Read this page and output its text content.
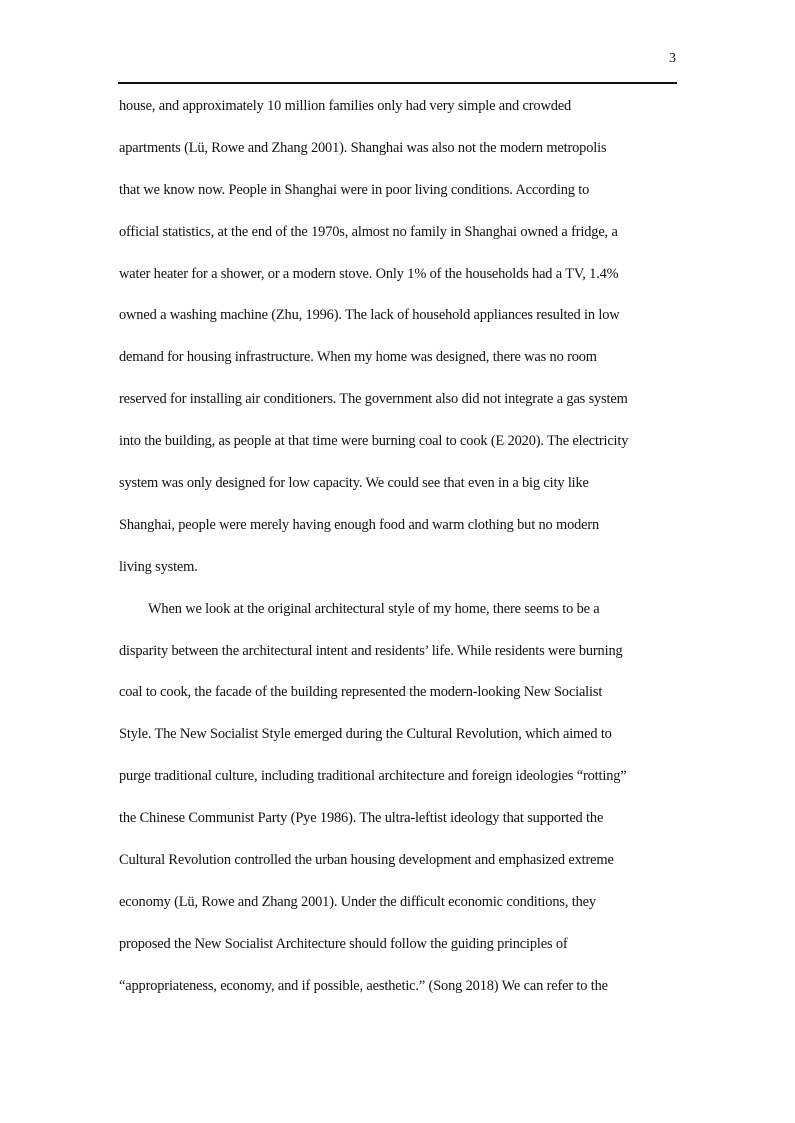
3
house, and approximately 10 million families only had very simple and crowded
apartments (Lü, Rowe and Zhang 2001). Shanghai was also not the modern metropolis
that we know now. People in Shanghai were in poor living conditions. According to
official statistics, at the end of the 1970s, almost no family in Shanghai owned a fridge, a
water heater for a shower, or a modern stove. Only 1% of the households had a TV, 1.4%
owned a washing machine (Zhu, 1996). The lack of household appliances resulted in low
demand for housing infrastructure. When my home was designed, there was no room
reserved for installing air conditioners. The government also did not integrate a gas system
into the building, as people at that time were burning coal to cook (E 2020). The electricity
system was only designed for low capacity. We could see that even in a big city like
Shanghai, people were merely having enough food and warm clothing but no modern
living system.
When we look at the original architectural style of my home, there seems to be a
disparity between the architectural intent and residents’ life. While residents were burning
coal to cook, the facade of the building represented the modern-looking New Socialist
Style. The New Socialist Style emerged during the Cultural Revolution, which aimed to
purge traditional culture, including traditional architecture and foreign ideologies “rotting”
the Chinese Communist Party (Pye 1986). The ultra-leftist ideology that supported the
Cultural Revolution controlled the urban housing development and emphasized extreme
economy (Lü, Rowe and Zhang 2001). Under the difficult economic conditions, they
proposed the New Socialist Architecture should follow the guiding principles of
“appropriateness, economy, and if possible, aesthetic.” (Song 2018) We can refer to the
